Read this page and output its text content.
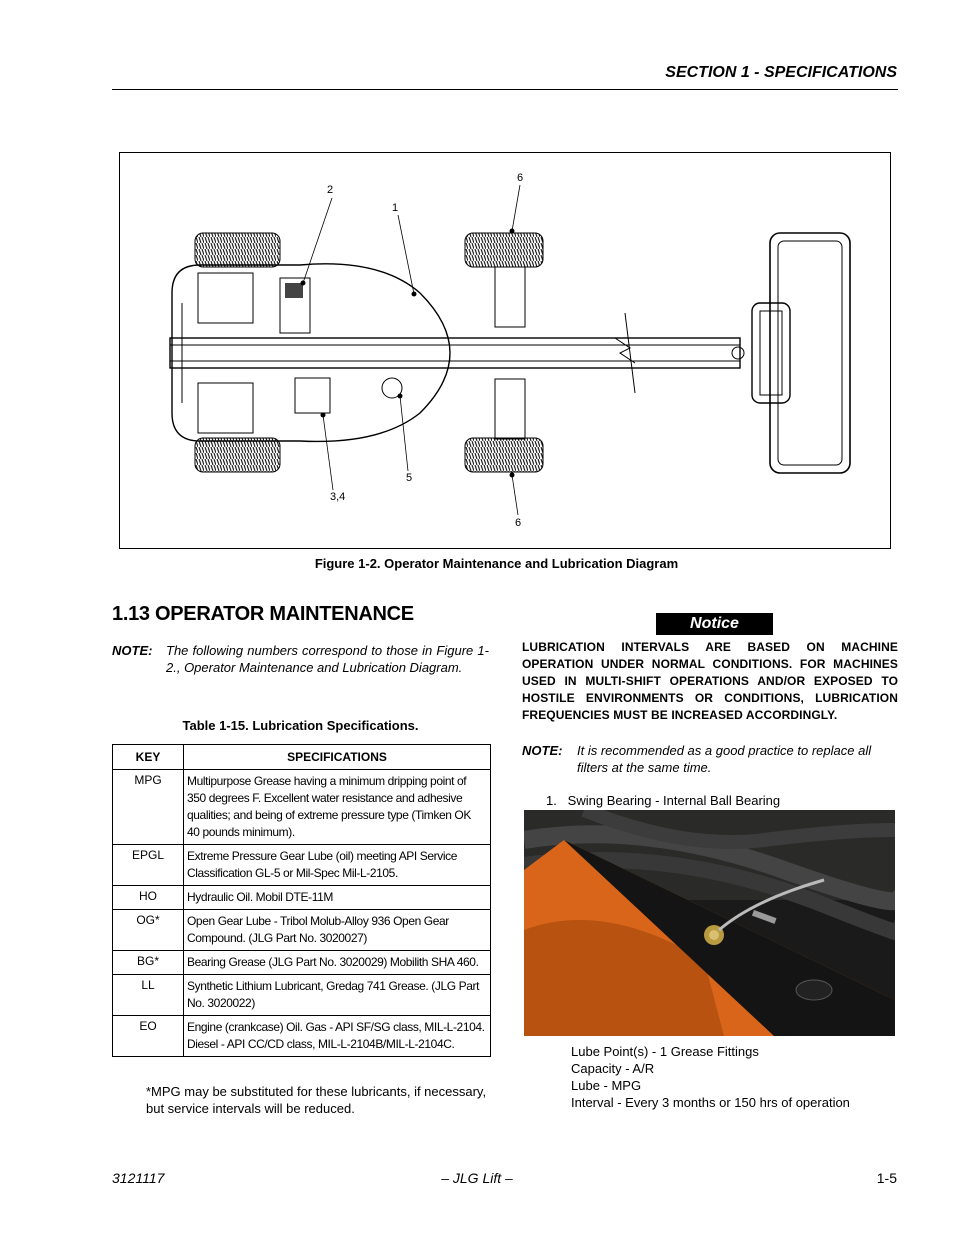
SECTION 1 - SPECIFICATIONS
2
1
6
5
3,4
6
Figure 1-2. Operator Maintenance and Lubrication Diagram
1.13 OPERATOR MAINTENANCE
NOTE:	The following numbers correspond to those in Figure 1-2., Operator Maintenance and Lubrication Diagram.
Table 1-15. Lubrication Specifications.
KEY	SPECIFICATIONS
MPG	Multipurpose Grease having a minimum dripping point of 350 degrees F. Excellent water resistance and adhesive qualities; and being of extreme pressure type (Timken OK 40 pounds minimum).
EPGL	Extreme Pressure Gear Lube (oil) meeting API Service Classification GL-5 or Mil-Spec Mil-L-2105.
HO	Hydraulic Oil. Mobil DTE-11M
OG*	Open Gear Lube - Tribol Molub-Alloy 936 Open Gear Compound. (JLG Part No. 3020027)
BG*	Bearing Grease (JLG Part No. 3020029) Mobilith SHA 460.
LL	Synthetic Lithium Lubricant, Gredag 741 Grease. (JLG Part No. 3020022)
EO	Engine (crankcase) Oil. Gas - API SF/SG class, MIL-L-2104. Diesel - API CC/CD class, MIL-L-2104B/MIL-L-2104C.
*MPG may be substituted for these lubricants, if necessary, but service intervals will be reduced.
Notice
LUBRICATION INTERVALS ARE BASED ON MACHINE OPERATION UNDER NORMAL CONDITIONS. FOR MACHINES USED IN MULTI-SHIFT OPERATIONS AND/OR EXPOSED TO HOSTILE ENVIRONMENTS OR CONDITIONS, LUBRICATION FREQUENCIES MUST BE INCREASED ACCORDINGLY.
NOTE:	It is recommended as a good practice to replace all filters at the same time.
1.   Swing Bearing - Internal Ball Bearing
Lube Point(s) - 1 Grease Fittings
Capacity - A/R
Lube - MPG
Interval - Every 3 months or 150 hrs of operation
3121117	– JLG Lift –	1-5
